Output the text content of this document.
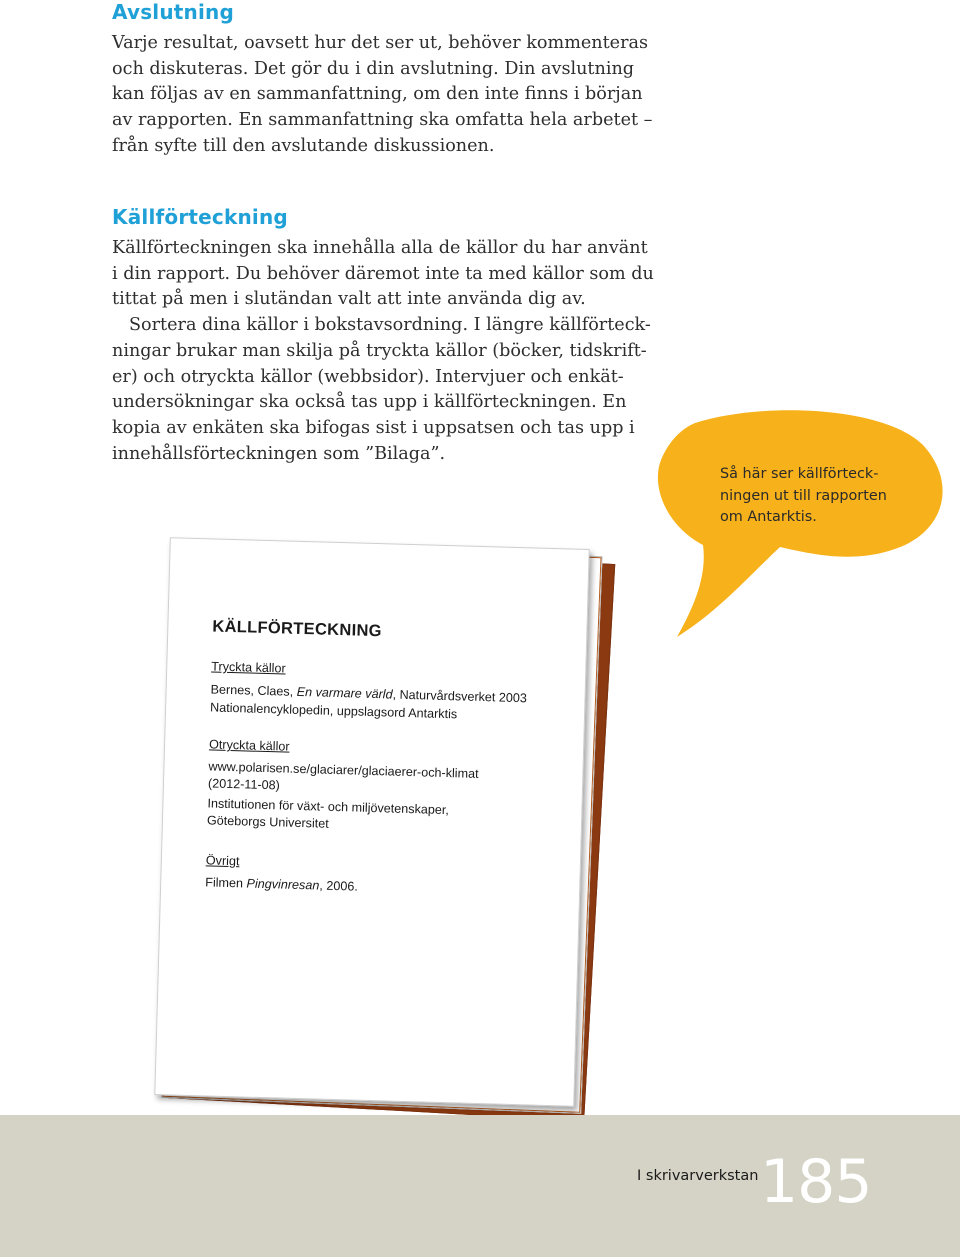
Avslutning
Varje resultat, oavsett hur det ser ut, behöver kommenteras
och diskuteras. Det gör du i din avslutning. Din avslutning
kan följas av en sammanfattning, om den inte finns i början
av rapporten. En sammanfattning ska omfatta hela arbetet –
från syfte till den avslutande diskussionen.
Källförteckning
Källförteckningen ska innehålla alla de källor du har använt
i din rapport. Du behöver däremot inte ta med källor som du
tittat på men i slutändan valt att inte använda dig av.
Sortera dina källor i bokstavsordning. I längre källförteck-
ningar brukar man skilja på tryckta källor (böcker, tidskrift-
er) och otryckta källor (webbsidor). Intervjuer och enkät-
undersökningar ska också tas upp i källförteckningen. En
kopia av enkäten ska bifogas sist i uppsatsen och tas upp i
innehållsförteckningen som ”Bilaga”.
Så här ser källförteck-
ningen ut till rapporten
om Antarktis.

KÄLLFÖRTECKNING

Tryckta källor

Bernes, Claes, En varmare värld, Naturvårdsverket 2003

Nationalencyklopedin, uppslagsord Antarktis

Otryckta källor

www.polarisen.se/glaciarer/glaciaerer-och-klimat

(2012-11-08)

Institutionen för växt- och miljövetenskaper,

Göteborgs Universitet

Övrigt

Filmen Pingvinresan, 2006.

I skrivarverkstan 185
